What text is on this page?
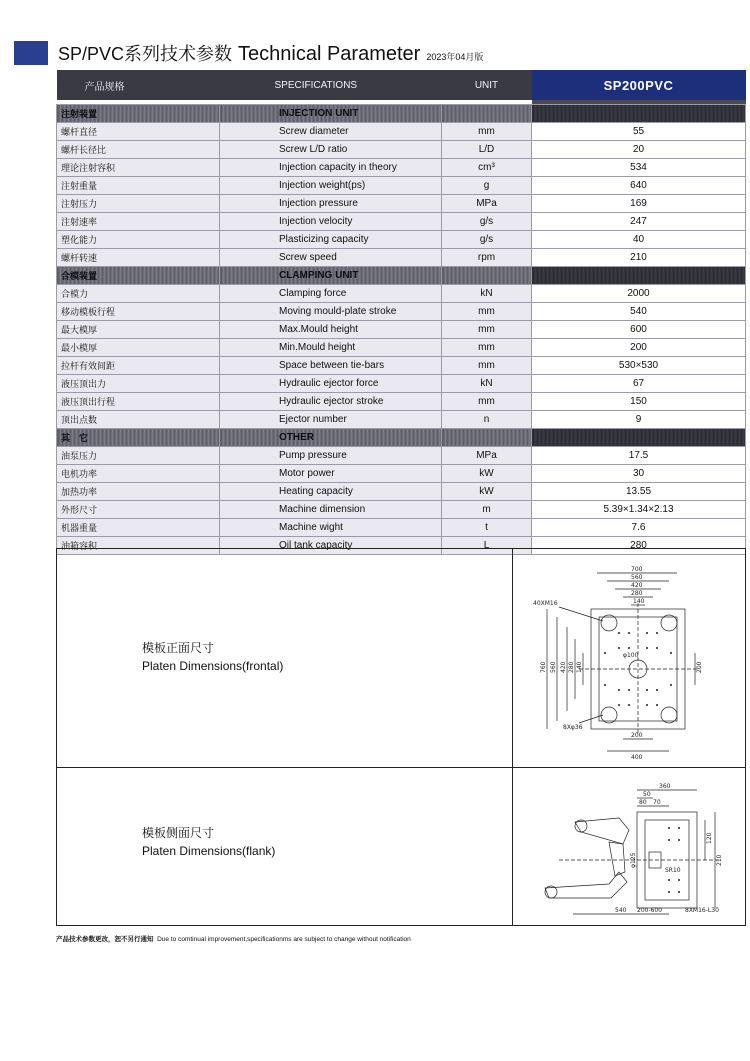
SP/PVC系列技术参数 Technical Parameter 2023年04月版
产品规格	SPECIFICATIONS	UNIT	SP200PVC

注射装置	INJECTION UNIT		
螺杆直径	Screw diameter	mm	55
螺杆长径比	Screw L/D ratio	L/D	20
理论注射容积	Injection capacity in theory	cm³	534
注射重量	Injection weight(ps)	g	640
注射压力	Injection pressure	MPa	169
注射速率	Injection velocity	g/s	247
塑化能力	Plasticizing capacity	g/s	40
螺杆转速	Screw speed	rpm	210
合模装置	CLAMPING UNIT		
合模力	Clamping force	kN	2000
移动模板行程	Moving mould-plate stroke	mm	540
最大模厚	Max.Mould height	mm	600
最小模厚	Min.Mould height	mm	200
拉杆有效间距	Space between tie-bars	mm	530×530
液压顶出力	Hydraulic ejector force	kN	67
液压顶出行程	Hydraulic ejector stroke	mm	150
顶出点数	Ejector number	n	9
其　它	OTHER		
油泵压力	Pump pressure	MPa	17.5
电机功率	Motor power	kW	30
加热功率	Heating capacity	kW	13.55
外形尺寸	Machine dimension	m	5.39×1.34×2.13
机器重量	Machine wight	t	7.6
油箱容积	Oil tank capacity	L	280
模板正面尺寸
Platen Dimensions(frontal)
700
560
420
280
140
760 560 420 280 140	200
200
400
40XM16
φ100
8Xφ36
模板侧面尺寸
Platen Dimensions(flank)
360
50
80 70
120
210
φ125
SR10
540 200-600	8XM16-L30
产品技术参数更改，恕不另行通知 Due to comtinual improvement,specificationms are subject to change without notification
